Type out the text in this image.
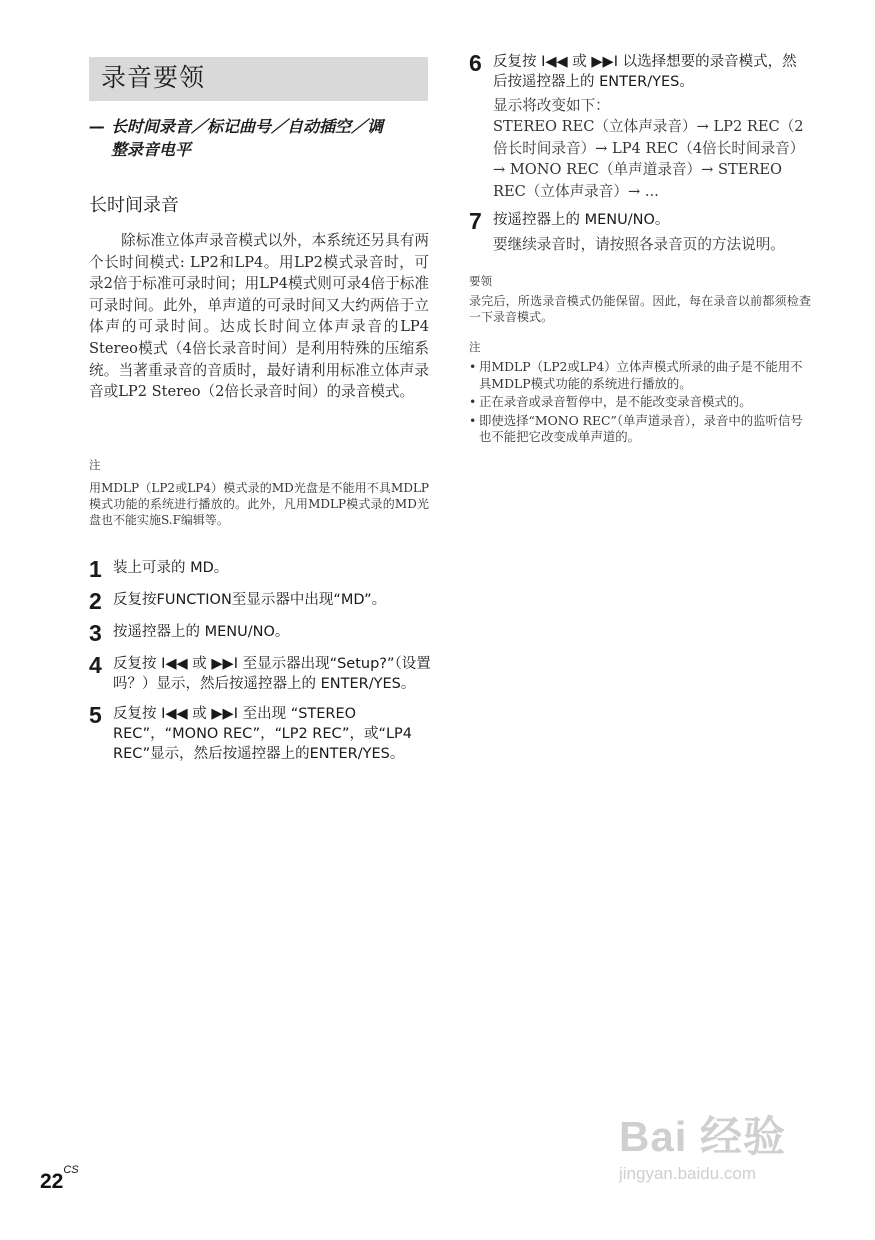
录音要领
— 长时间录音／标记曲号／自动插空／调
整录音电平
长时间录音

除标准立体声录音模式以外，本系统还另具有两个长时间模式: LP2和LP4。用LP2模式录音时，可录2倍于标准可录时间；用LP4模式则可录4倍于标准可录时间。此外，单声道的可录时间又大约两倍于立体声的可录时间。达成长时间立体声录音的LP4 Stereo模式（4倍长录音时间）是利用特殊的压缩系统。当著重录音的音质时，最好请利用标准立体声录音或LP2 Stereo（2倍长录音时间）的录音模式。

注
用MDLP（LP2或LP4）模式录的MD光盘是不能用不具MDLP模式功能的系统进行播放的。此外，凡用MDLP模式录的MD光盘也不能实施S.F编辑等。
1 装上可录的 MD。
2 反复按FUNCTION至显示器中出现“MD”。
3 按遥控器上的 MENU/NO。
4 反复按 I◀◀ 或 ▶▶I 至显示器出现“Setup?”（设置吗？）显示，然后按遥控器上的 ENTER/YES。
5 反复按 I◀◀ 或 ▶▶I 至出现 “STEREO REC”，“MONO REC”，“LP2 REC”，或“LP4 REC”显示，然后按遥控器上的ENTER/YES。
6 反复按 I◀◀ 或 ▶▶I 以选择想要的录音模式，然后按遥控器上的 ENTER/YES。
显示将改变如下：
STEREO REC（立体声录音）→ LP2 REC（2倍长时间录音）→ LP4 REC（4倍长时间录音）→ MONO REC（单声道录音）→ STEREO REC（立体声录音）→ ...
7 按遥控器上的 MENU/NO。
要继续录音时，请按照各录音页的方法说明。
要领
录完后，所选录音模式仍能保留。因此，每在录音以前都须检查一下录音模式。
注
• 用MDLP（LP2或LP4）立体声模式所录的曲子是不能用不具MDLP模式功能的系统进行播放的。
• 正在录音或录音暂停中，是不能改变录音模式的。
• 即使选择“MONO REC”（单声道录音），录音中的监听信号也不能把它改变成单声道的。
$22^{CS}$
Bai 经验
jingyan.baidu.com
